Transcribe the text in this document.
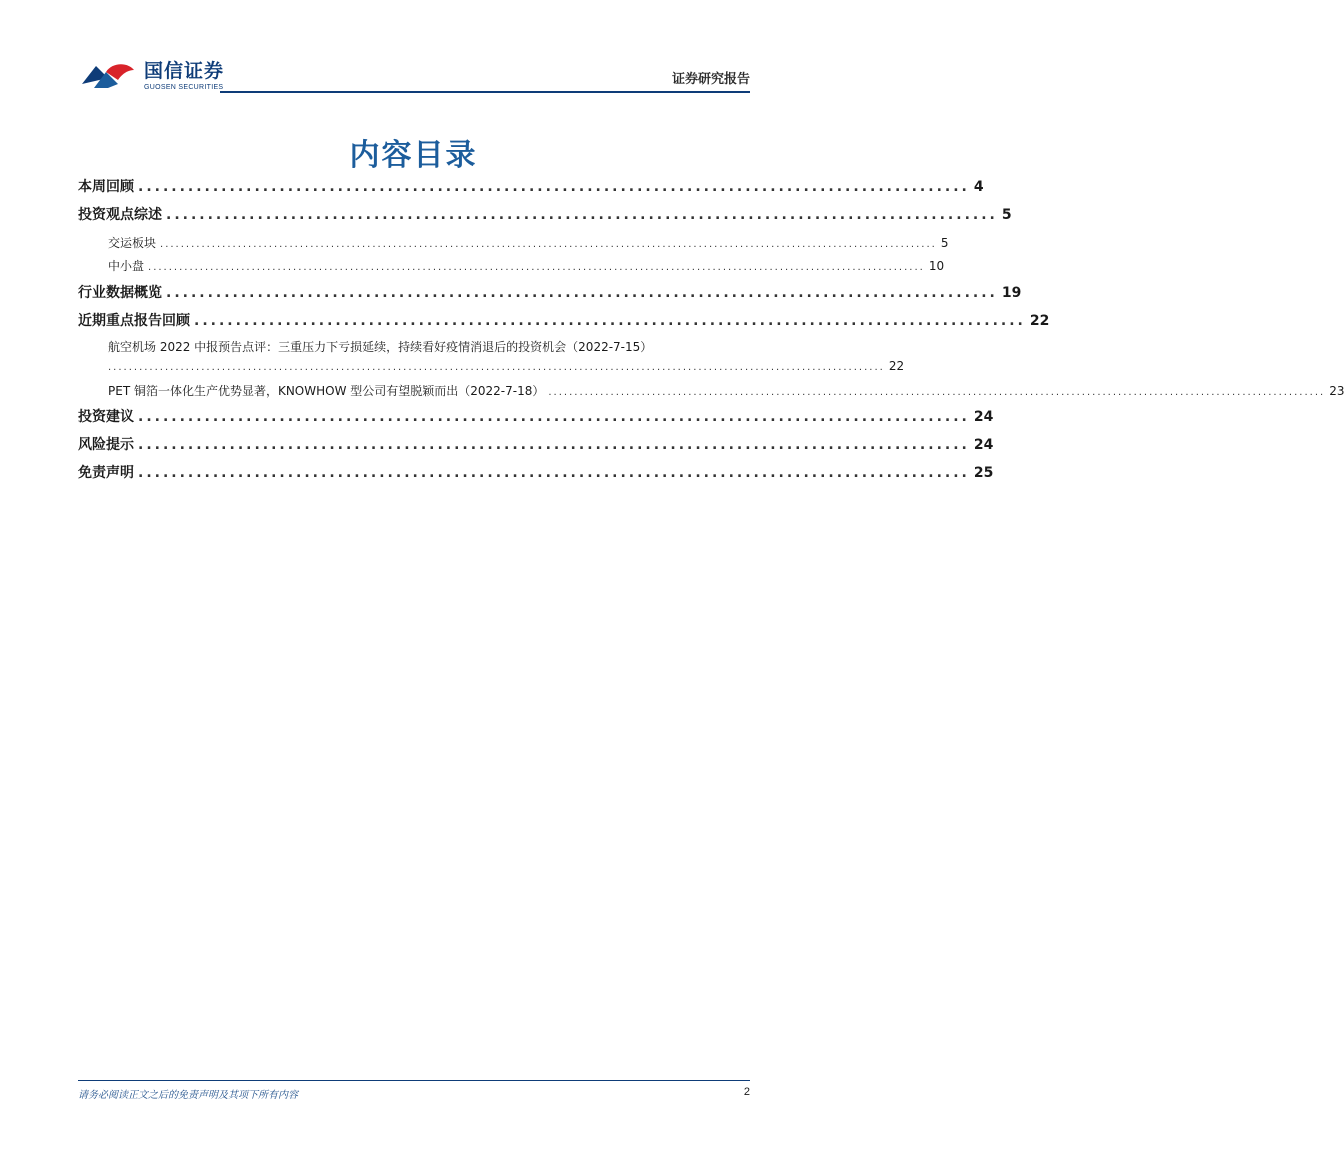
国信证券
GUOSEN SECURITIES	证券研究报告
内容目录
本周回顾 .................................................................................................... 4
投资观点综述 .................................................................................................... 5
交运板块 ...................................................................................................................................................... 5
中小盘 ...................................................................................................................................................... 10
行业数据概览 .................................................................................................... 19
近期重点报告回顾 .................................................................................................... 22
航空机场 2022 中报预告点评：三重压力下亏损延续，持续看好疫情消退后的投资机会（2022-7-15）
...................................................................................................................................................... 22
PET 铜箔一体化生产优势显著，KNOWHOW 型公司有望脱颖而出（2022-7-18） ...................................................................................................................................................... 23
投资建议 .................................................................................................... 24
风险提示 .................................................................................................... 24
免责声明 .................................................................................................... 25
请务必阅读正文之后的免责声明及其项下所有内容	2
